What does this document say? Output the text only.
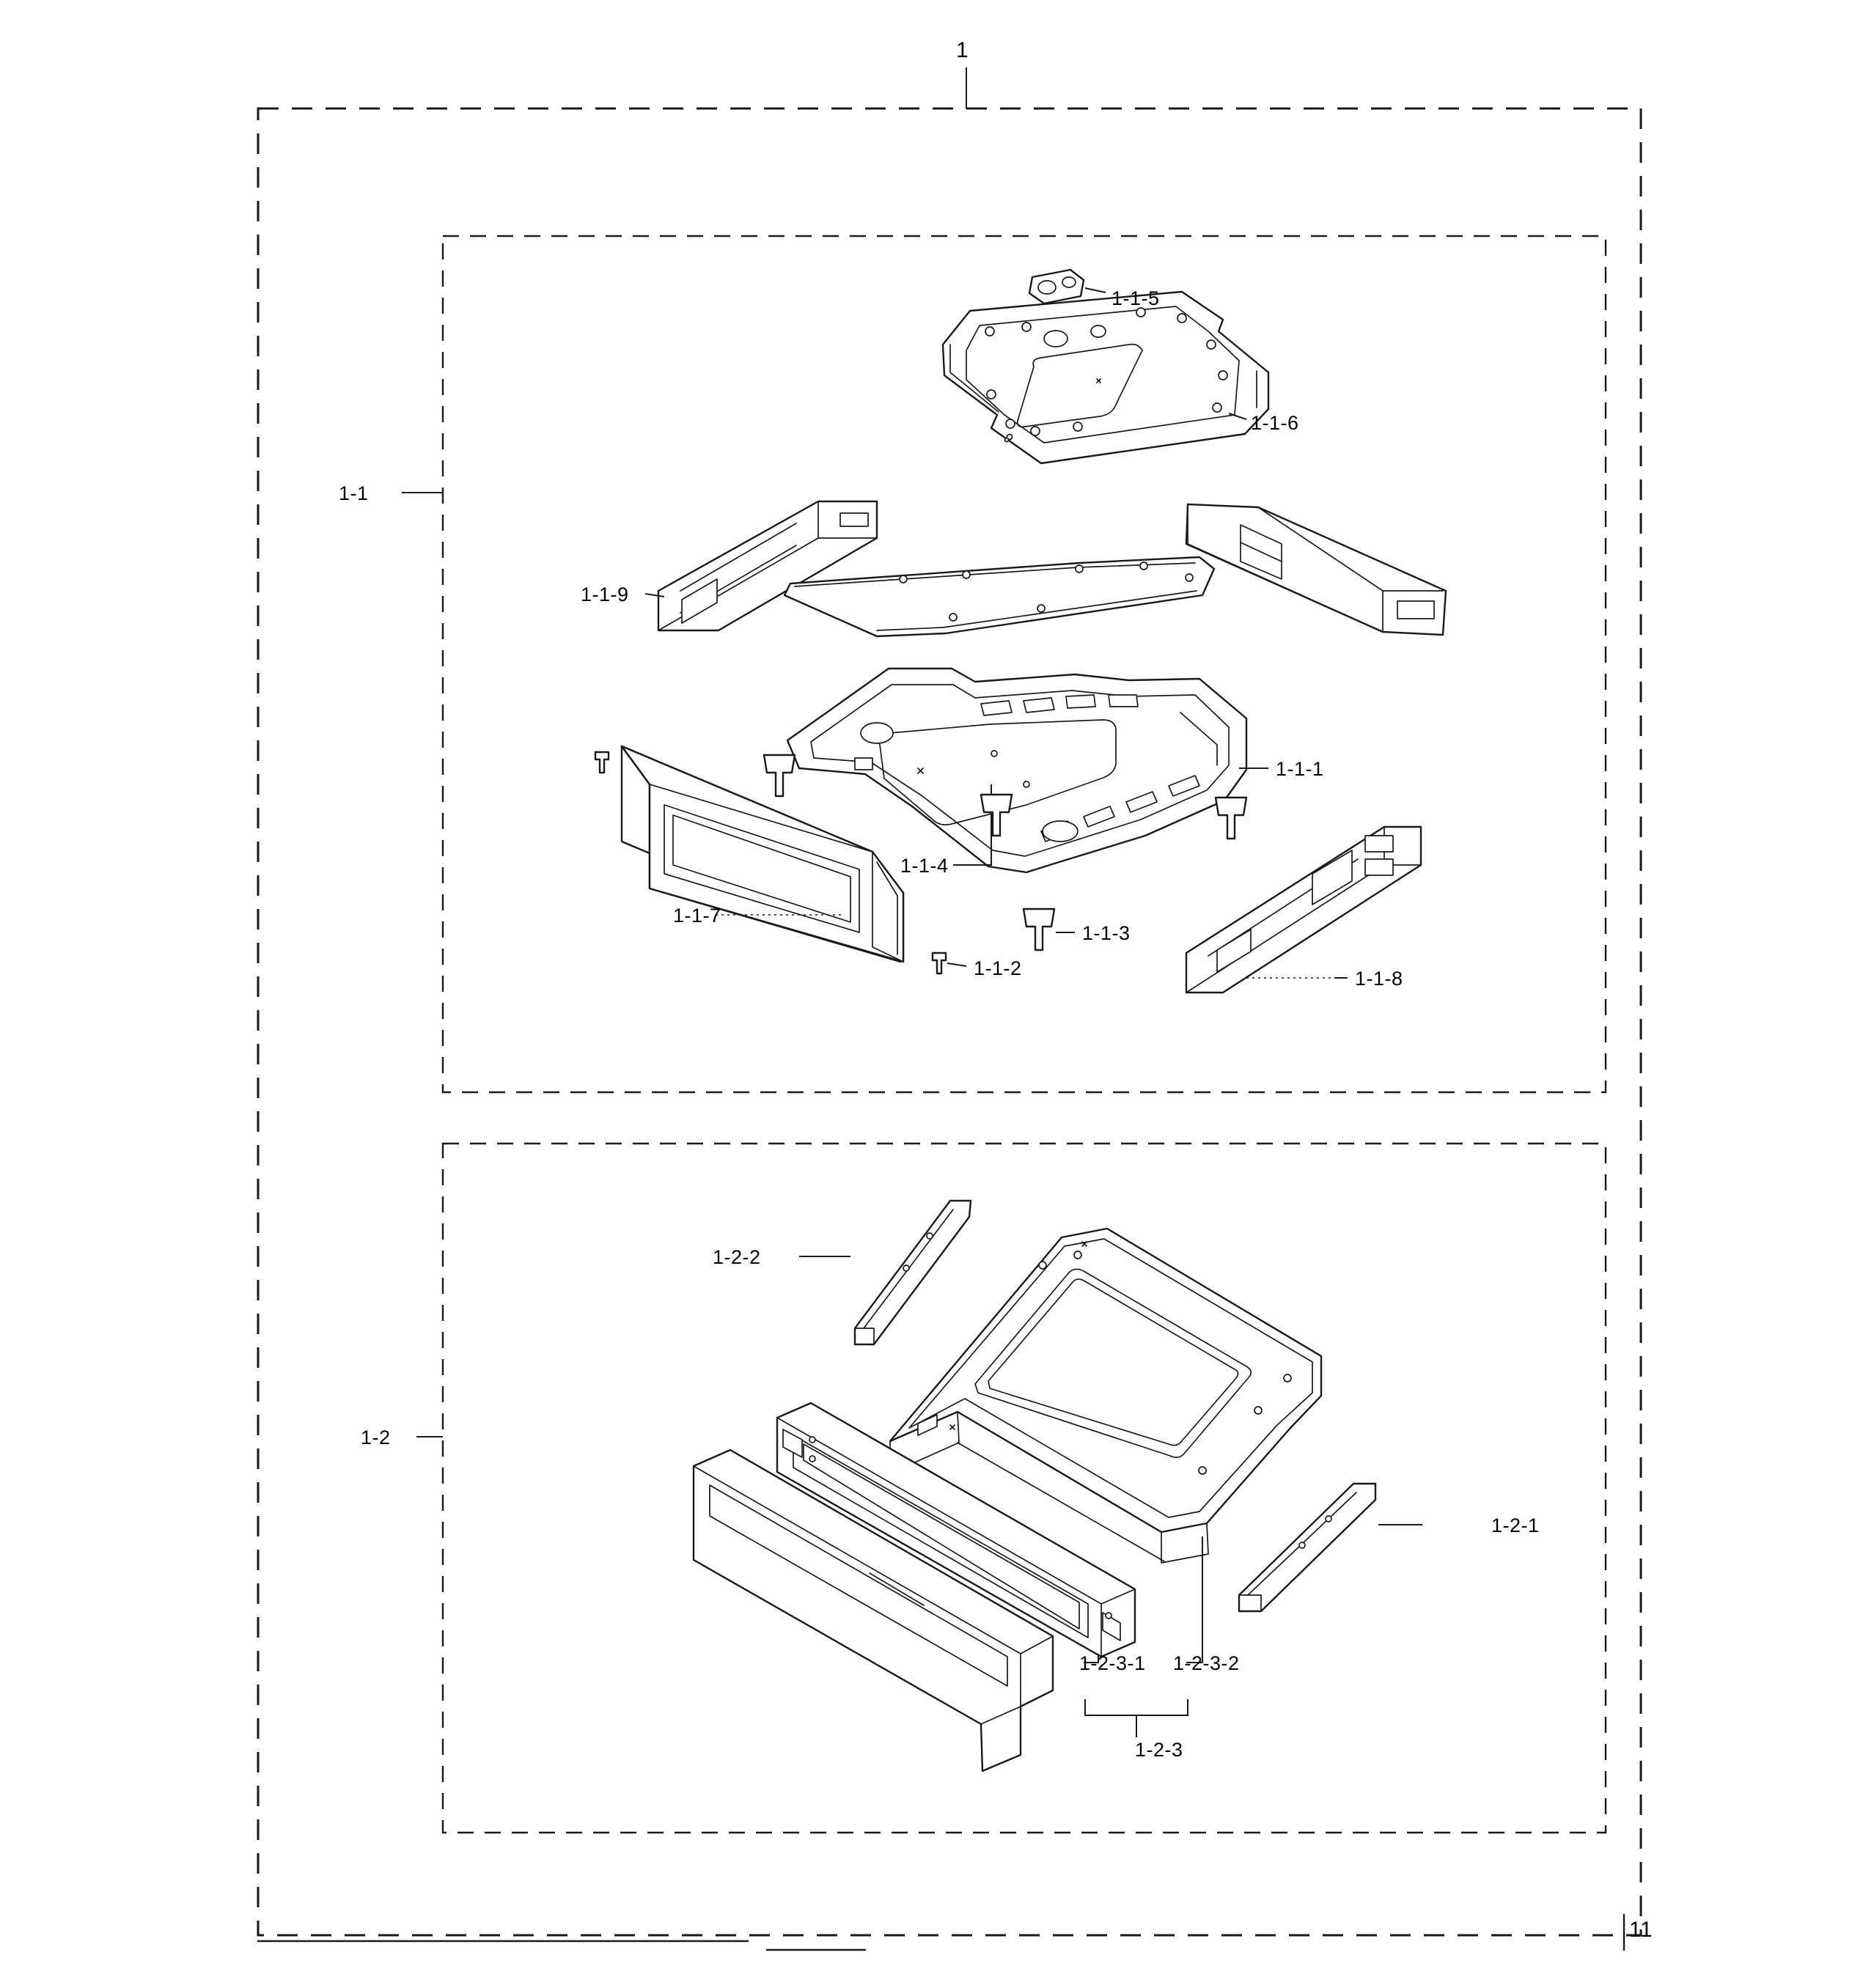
1
11
1-1
1-2
1-1-5
1-1-6
1-1-9
1-1-1
1-1-4
1-1-7
1-1-3
1-1-2	1-1-8
1-2-2
1-2-1
1-2-3-1 1-2-3-2
1-2-3
